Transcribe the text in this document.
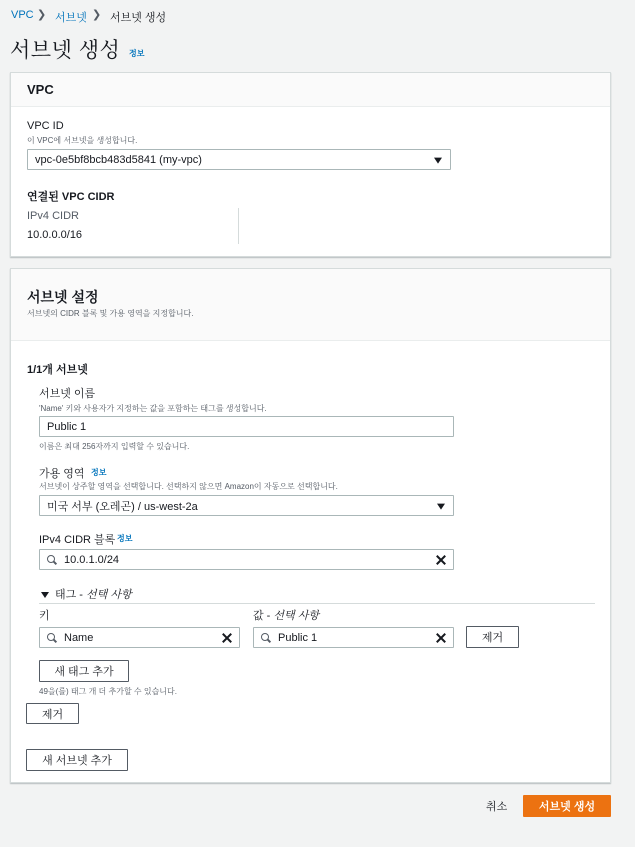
VPC ❯ 서브넷 ❯ 서브넷 생성
서브넷 생성 정보
VPC
VPC ID
이 VPC에 서브넷을 생성합니다.
vpc-0e5bf8bcb483d5841 (my-vpc)
연결된 VPC CIDR
IPv4 CIDR
10.0.0.0/16
서브넷 설정
서브넷의 CIDR 블록 및 가용 영역을 지정합니다.
1/1개 서브넷
서브넷 이름
'Name' 키와 사용자가 지정하는 값을 포함하는 태그를 생성합니다.
Public 1
이름은 최대 256자까지 입력할 수 있습니다.
가용 영역 정보
서브넷이 상주할 영역을 선택합니다. 선택하지 않으면 Amazon이 자동으로 선택합니다.
미국 서부 (오레곤) / us-west-2a
IPv4 CIDR 블록 정보
10.0.1.0/24
태그 - 선택 사항
키	값 - 선택 사항
Name	Public 1	제거
새 태그 추가
49을(를) 태그 개 더 추가할 수 있습니다.
제거
새 서브넷 추가
취소	서브넷 생성
